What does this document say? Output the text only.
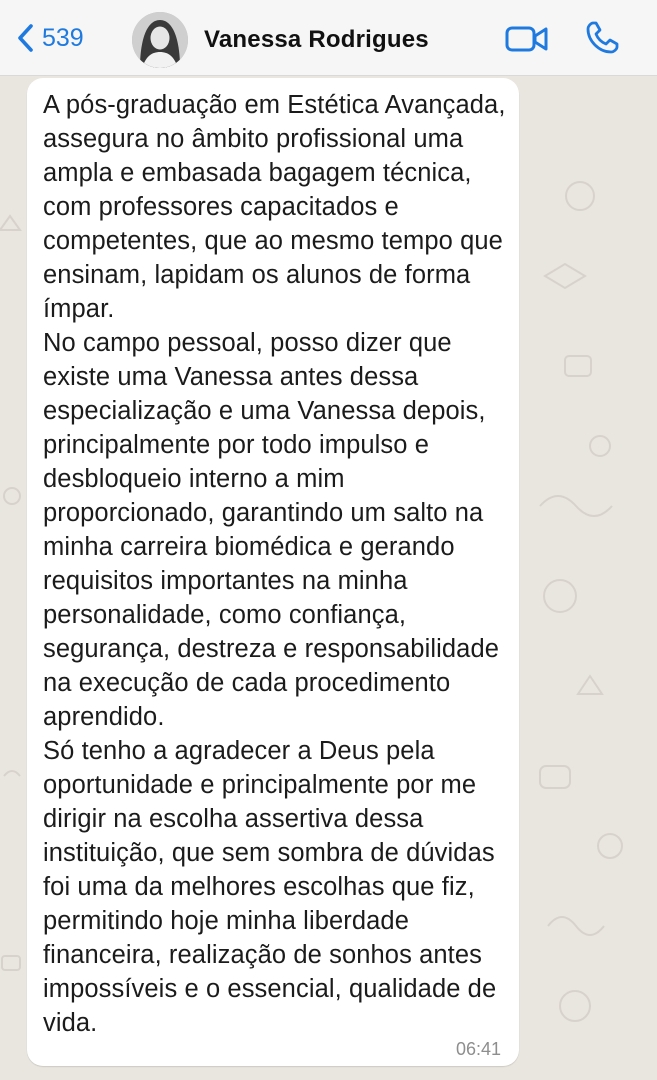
539	Vanessa Rodrigues

A pós-graduação em Estética Avançada, assegura no âmbito profissional uma ampla e embasada bagagem técnica, com professores capacitados e competentes, que ao mesmo tempo que ensinam, lapidam os alunos de forma ímpar.
No campo pessoal, posso dizer que existe uma Vanessa antes dessa especialização e uma Vanessa depois, principalmente por todo impulso e desbloqueio interno a mim proporcionado, garantindo um salto na minha carreira biomédica e gerando requisitos importantes na minha personalidade, como confiança, segurança, destreza e responsabilidade na execução de cada procedimento aprendido.
Só tenho a agradecer a Deus pela oportunidade e principalmente por me dirigir na escolha assertiva dessa instituição, que sem sombra de dúvidas foi uma da melhores escolhas que fiz, permitindo hoje minha liberdade financeira, realização de sonhos antes impossíveis e o essencial, qualidade de vida.

06:41
